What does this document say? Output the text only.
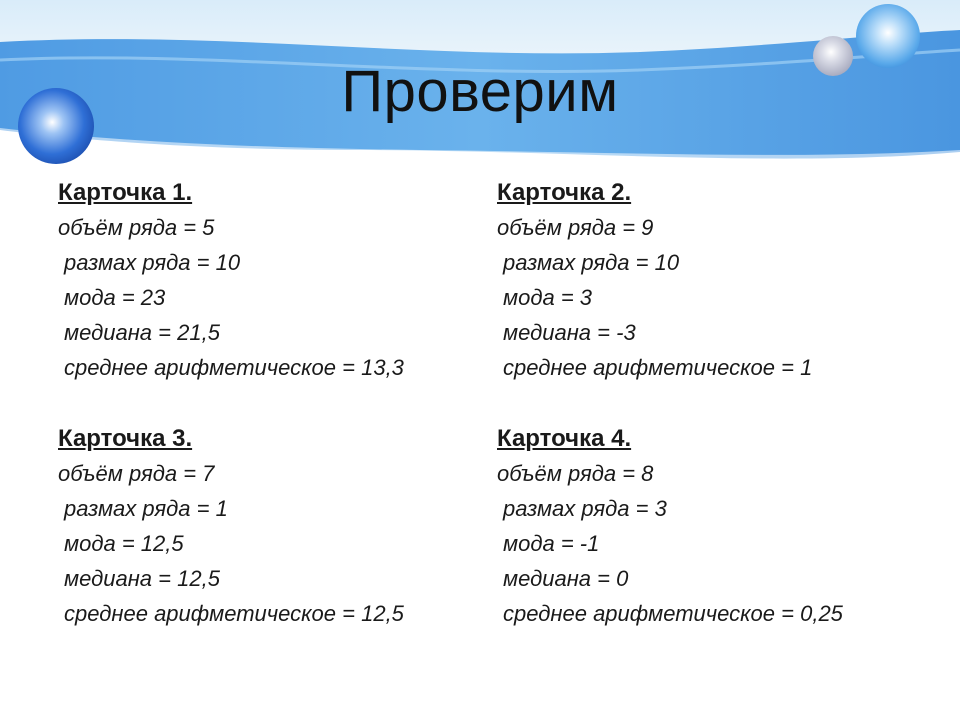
Проверим
Карточка 1.
объём ряда = 5
размах ряда = 10
мода = 23
медиана = 21,5
среднее арифметическое = 13,3
Карточка 2.
объём ряда = 9
размах ряда = 10
мода = 3
медиана = -3
среднее арифметическое = 1
Карточка 3.
объём ряда = 7
размах ряда = 1
мода = 12,5
медиана = 12,5
среднее арифметическое = 12,5
Карточка 4.
объём ряда = 8
размах ряда = 3
мода = -1
медиана = 0
среднее арифметическое = 0,25
